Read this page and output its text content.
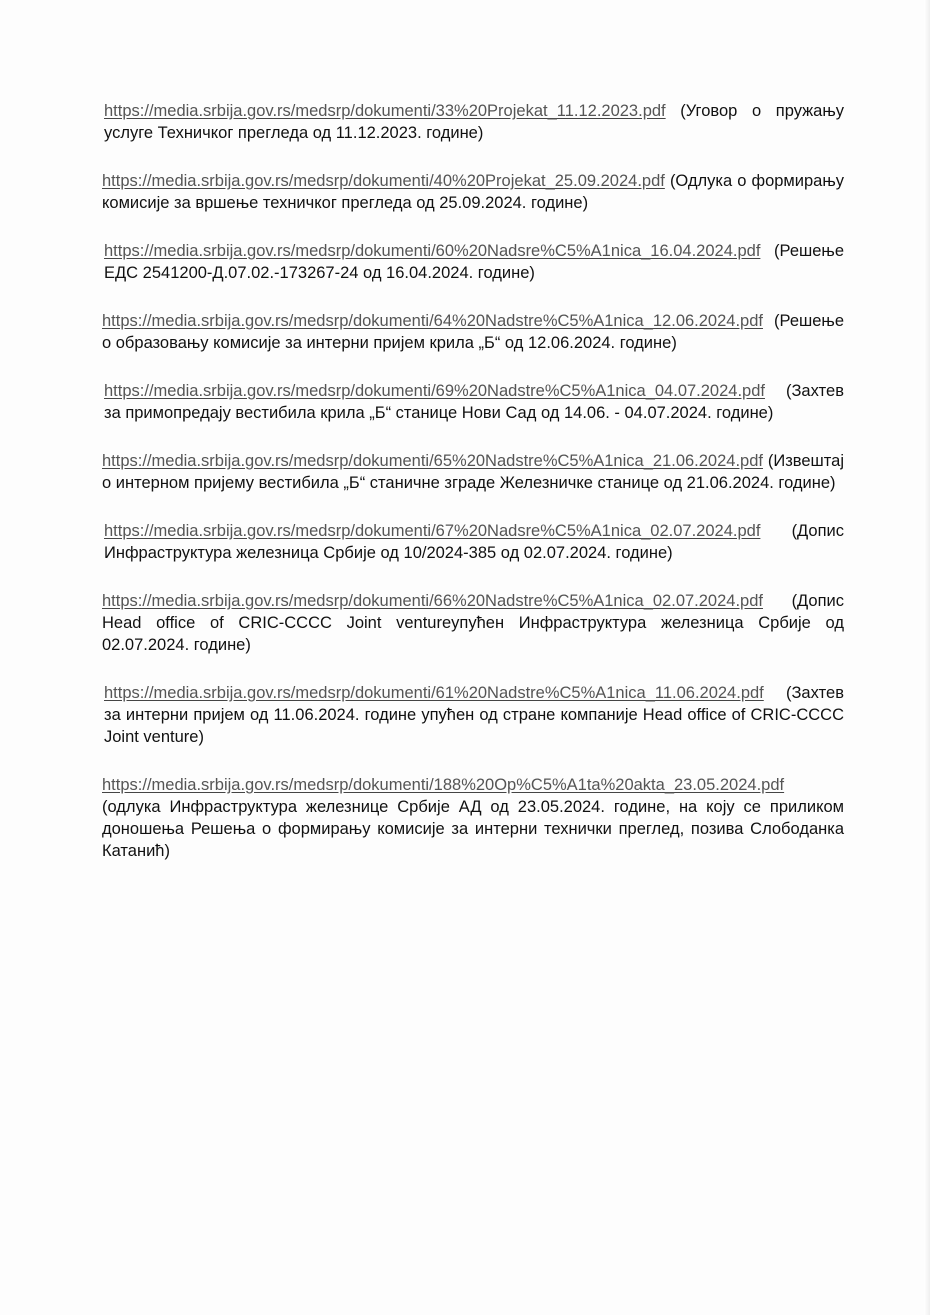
https://media.srbija.gov.rs/medsrp/dokumenti/33%20Projekat_11.12.2023.pdf (Уговор о пружању услуге Техничког прегледа од 11.12.2023. године)
https://media.srbija.gov.rs/medsrp/dokumenti/40%20Projekat_25.09.2024.pdf (Одлука о формирању комисије за вршење техничког прегледа од 25.09.2024. године)
https://media.srbija.gov.rs/medsrp/dokumenti/60%20Nadsre%C5%A1nica_16.04.2024.pdf (Решење ЕДС 2541200-Д.07.02.-173267-24 од 16.04.2024. године)
https://media.srbija.gov.rs/medsrp/dokumenti/64%20Nadstre%C5%A1nica_12.06.2024.pdf (Решење о образовању комисије за интерни пријем крила „Б“ од 12.06.2024. године)
https://media.srbija.gov.rs/medsrp/dokumenti/69%20Nadstre%C5%A1nica_04.07.2024.pdf (Захтев за примопредају вестибила крила „Б“ станице Нови Сад од 14.06. - 04.07.2024. године)
https://media.srbija.gov.rs/medsrp/dokumenti/65%20Nadstre%C5%A1nica_21.06.2024.pdf (Извештај о интерном пријему вестибила „Б“ станичне зграде Железничке станице од 21.06.2024. године)
https://media.srbija.gov.rs/medsrp/dokumenti/67%20Nadsre%C5%A1nica_02.07.2024.pdf (Допис Инфраструктура железница Србије од 10/2024-385 од 02.07.2024. године)
https://media.srbija.gov.rs/medsrp/dokumenti/66%20Nadstre%C5%A1nica_02.07.2024.pdf (Допис Head office of CRIC-CCCC Joint ventureупућен Инфраструктура железница Србије од 02.07.2024. године)
https://media.srbija.gov.rs/medsrp/dokumenti/61%20Nadstre%C5%A1nica_11.06.2024.pdf (Захтев за интерни пријем од 11.06.2024. године упућен од стране компаније Head office of CRIC-CCCC Joint venture)
https://media.srbija.gov.rs/medsrp/dokumenti/188%20Op%C5%A1ta%20akta_23.05.2024.pdf (одлука Инфраструктура железнице Србије АД од 23.05.2024. године, на коју се приликом доношења Решења о формирању комисије за интерни технички преглед, позива Слободанка Катанић)
